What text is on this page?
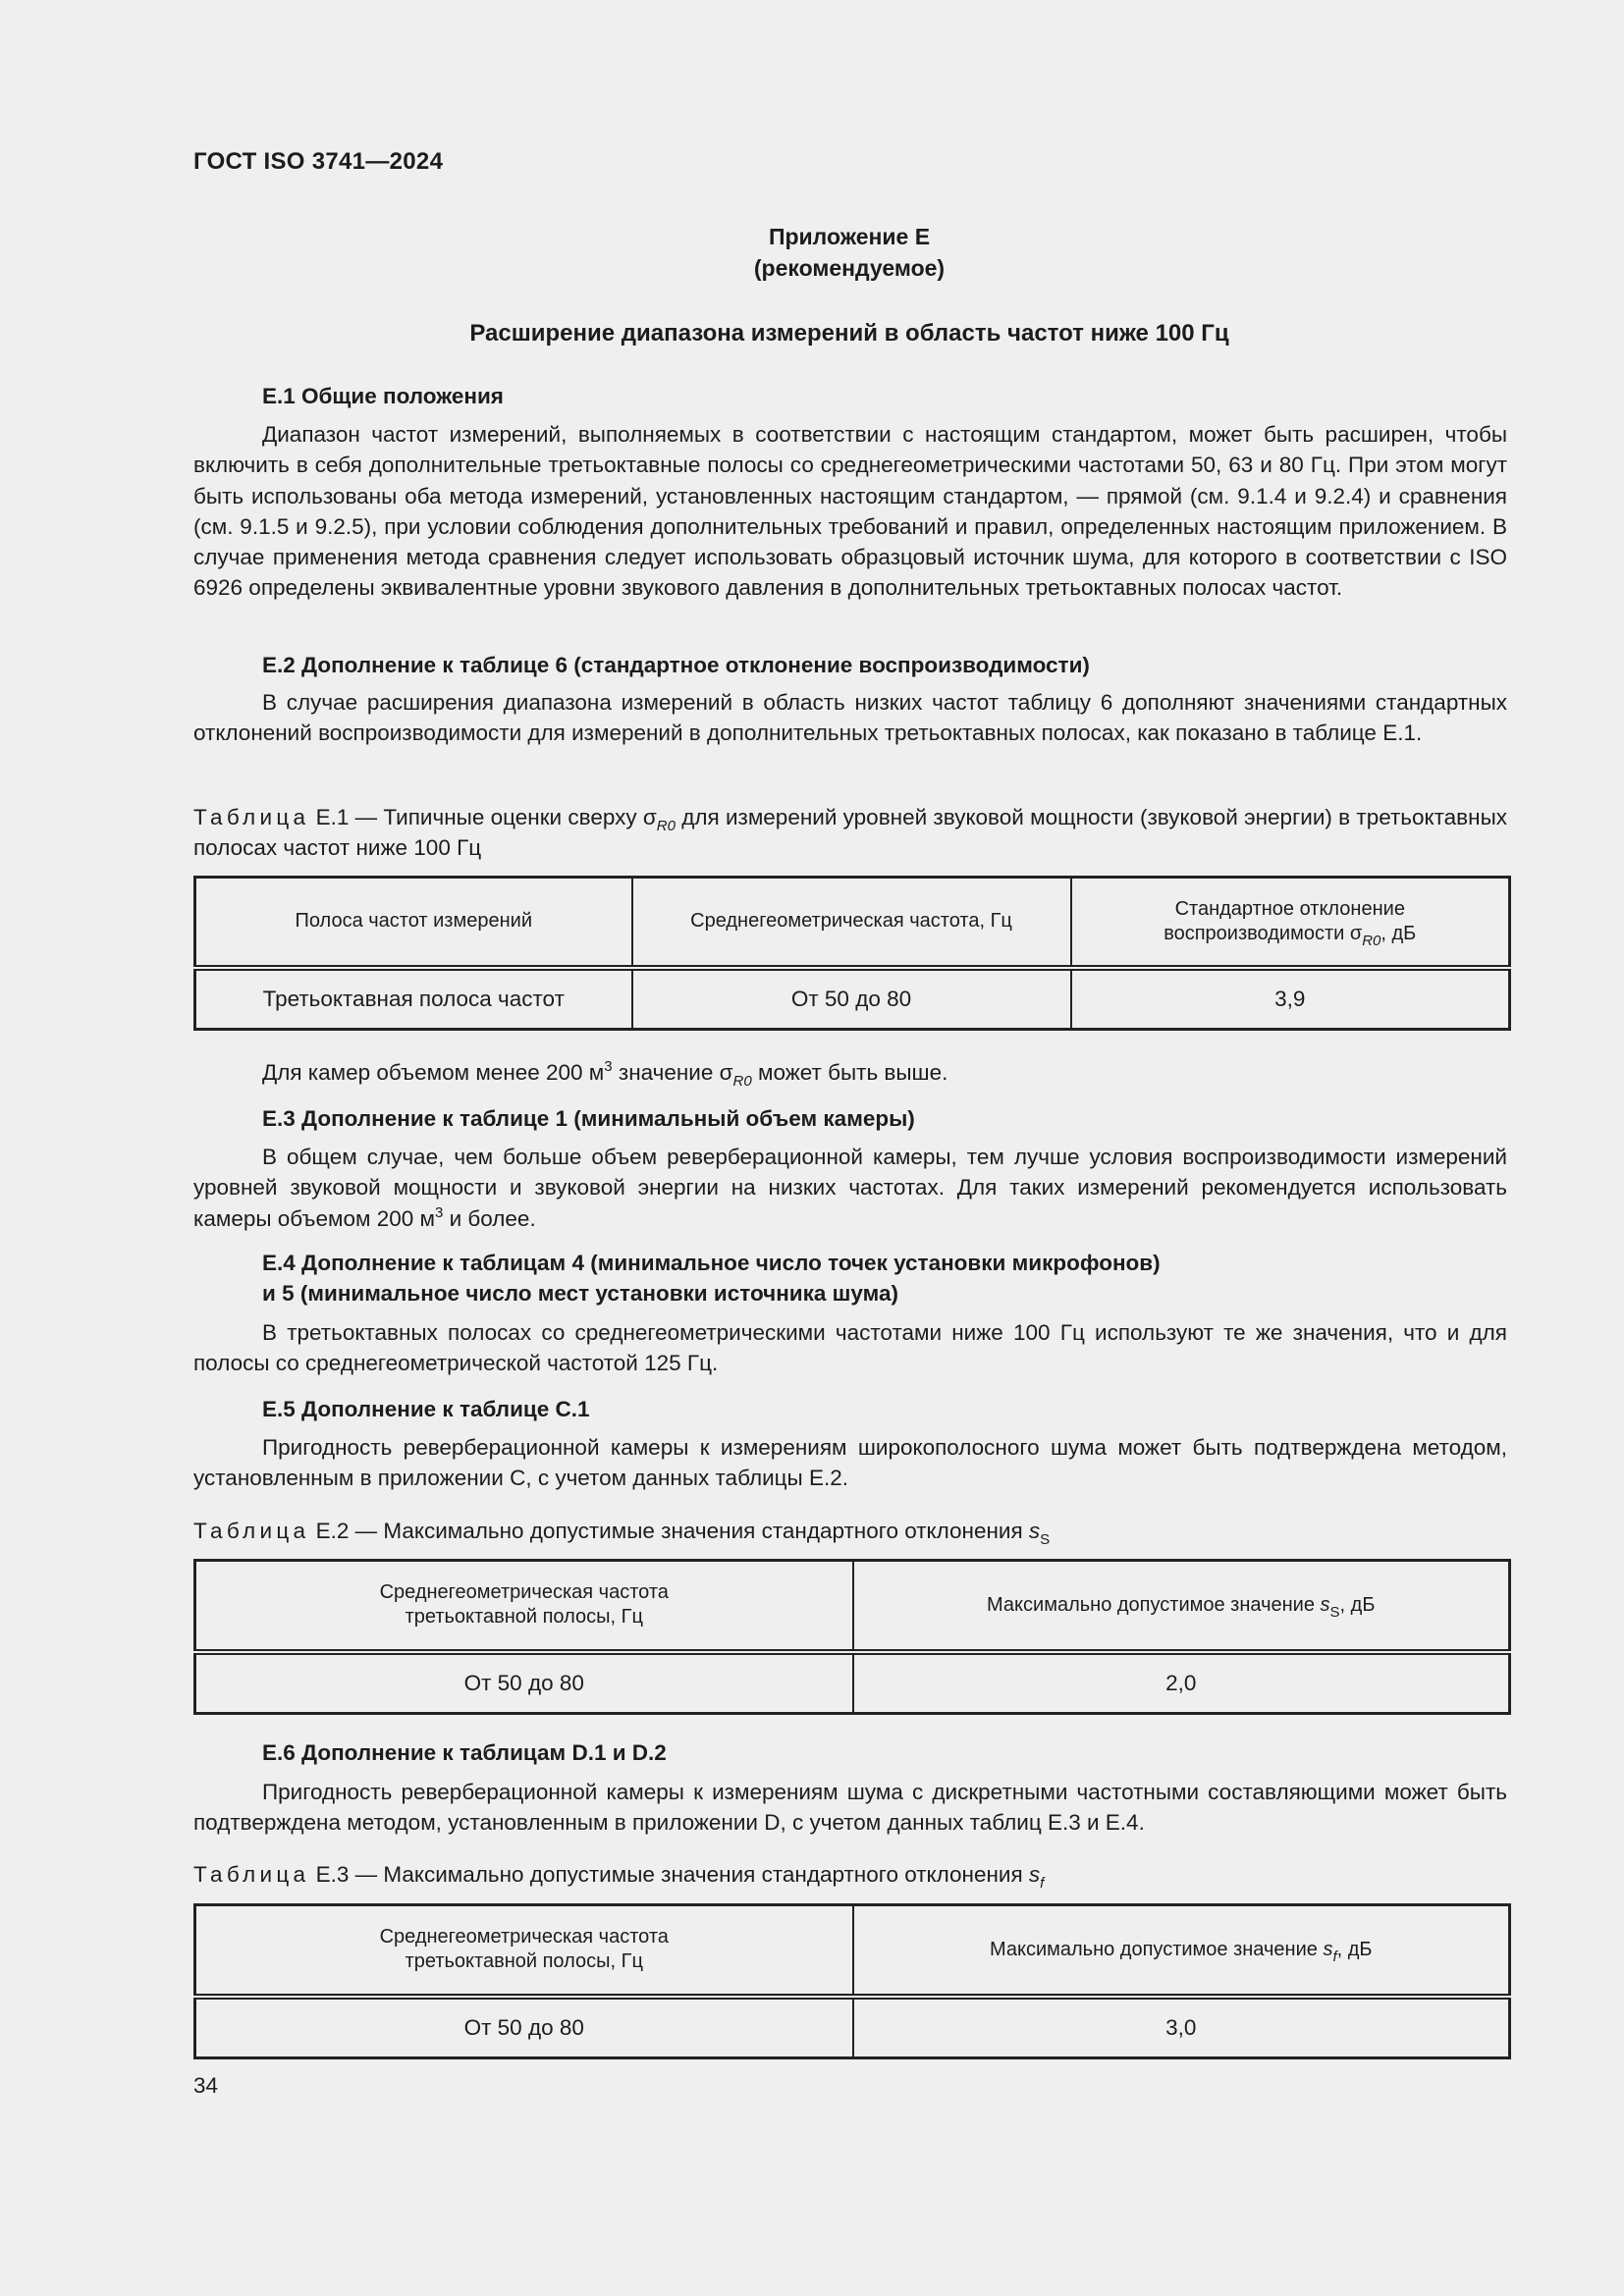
ГОСТ ISO 3741—2024
Приложение Е
(рекомендуемое)
Расширение диапазона измерений в область частот ниже 100 Гц
Е.1 Общие положения
Диапазон частот измерений, выполняемых в соответствии с настоящим стандартом, может быть расширен, чтобы включить в себя дополнительные третьоктавные полосы со среднегеометрическими частотами 50, 63 и 80 Гц. При этом могут быть использованы оба метода измерений, установленных настоящим стандартом, — прямой (см. 9.1.4 и 9.2.4) и сравнения (см. 9.1.5 и 9.2.5), при условии соблюдения дополнительных требований и правил, определенных настоящим приложением. В случае применения метода сравнения следует использовать образцовый источник шума, для которого в соответствии с ISO 6926 определены эквивалентные уровни звукового давления в дополнительных третьоктавных полосах частот.
Е.2 Дополнение к таблице 6 (стандартное отклонение воспроизводимости)
В случае расширения диапазона измерений в область низких частот таблицу 6 дополняют значениями стандартных отклонений воспроизводимости для измерений в дополнительных третьоктавных полосах, как показано в таблице Е.1.
Таблица Е.1 — Типичные оценки сверху $\sigma_{R0}$ для измерений уровней звуковой мощности (звуковой энергии) в третьоктавных полосах частот ниже 100 Гц
Полоса частот измерений	Среднегеометрическая частота, Гц	Стандартное отклонение
воспроизводимости $\sigma_{R0}$, дБ
Третьоктавная полоса частот	От 50 до 80	3,9
Для камер объемом менее 200 $м^3$ значение $\sigma_{R0}$ может быть выше.
Е.3 Дополнение к таблице 1 (минимальный объем камеры)
В общем случае, чем больше объем реверберационной камеры, тем лучше условия воспроизводимости измерений уровней звуковой мощности и звуковой энергии на низких частотах. Для таких измерений рекомендуется использовать камеры объемом 200 $м^3$ и более.
Е.4 Дополнение к таблицам 4 (минимальное число точек установки микрофонов)
и 5 (минимальное число мест установки источника шума)
В третьоктавных полосах со среднегеометрическими частотами ниже 100 Гц используют те же значения, что и для полосы со среднегеометрической частотой 125 Гц.
Е.5 Дополнение к таблице С.1
Пригодность реверберационной камеры к измерениям широкополосного шума может быть подтверждена методом, установленным в приложении С, с учетом данных таблицы Е.2.
Таблица Е.2 — Максимально допустимые значения стандартного отклонения $s_S$
Среднегеометрическая частота
третьоктавной полосы, Гц	Максимально допустимое значение $s_S$, дБ
От 50 до 80	2,0
Е.6 Дополнение к таблицам D.1 и D.2
Пригодность реверберационной камеры к измерениям шума с дискретными частотными составляющими может быть подтверждена методом, установленным в приложении D, с учетом данных таблиц Е.3 и Е.4.
Таблица Е.3 — Максимально допустимые значения стандартного отклонения $s_f$
Среднегеометрическая частота
третьоктавной полосы, Гц	Максимально допустимое значение $s_f$, дБ
От 50 до 80	3,0
34
